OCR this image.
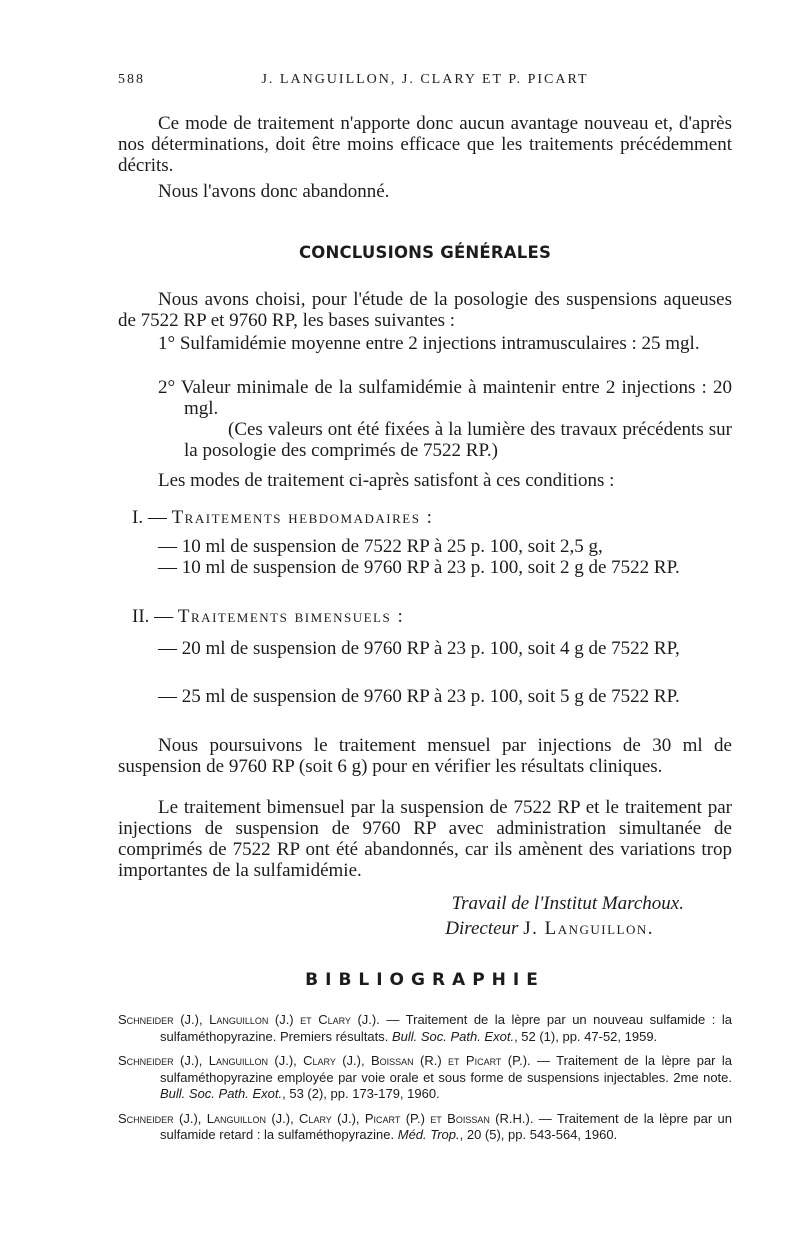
588	J. LANGUILLON, J. CLARY ET P. PICART
Ce mode de traitement n'apporte donc aucun avantage nouveau et, d'après nos déterminations, doit être moins efficace que les traitements précédemment décrits.
Nous l'avons donc abandonné.
CONCLUSIONS GÉNÉRALES
Nous avons choisi, pour l'étude de la posologie des suspensions aqueuses de 7522 RP et 9760 RP, les bases suivantes :
1° Sulfamidémie moyenne entre 2 injections intramusculaires : 25 mgl.
2° Valeur minimale de la sulfamidémie à maintenir entre 2 injections : 20 mgl.
(Ces valeurs ont été fixées à la lumière des travaux précédents sur la posologie des comprimés de 7522 RP.)
Les modes de traitement ci-après satisfont à ces conditions :
I. — Traitements hebdomadaires :
— 10 ml de suspension de 7522 RP à 25 p. 100, soit 2,5 g,
— 10 ml de suspension de 9760 RP à 23 p. 100, soit 2 g de 7522 RP.
II. — Traitements bimensuels :
— 20 ml de suspension de 9760 RP à 23 p. 100, soit 4 g de 7522 RP,
— 25 ml de suspension de 9760 RP à 23 p. 100, soit 5 g de 7522 RP.
Nous poursuivons le traitement mensuel par injections de 30 ml de suspension de 9760 RP (soit 6 g) pour en vérifier les résultats cliniques.
Le traitement bimensuel par la suspension de 7522 RP et le traitement par injections de suspension de 9760 RP avec administration simultanée de comprimés de 7522 RP ont été abandonnés, car ils amènent des variations trop importantes de la sulfamidémie.
Travail de l'Institut Marchoux.
Directeur J. Languillon.
BIBLIOGRAPHIE
Schneider (J.), Languillon (J.) et Clary (J.). — Traitement de la lèpre par un nouveau sulfamide : la sulfaméthopyrazine. Premiers résultats. Bull. Soc. Path. Exot., 52 (1), pp. 47-52, 1959.
Schneider (J.), Languillon (J.), Clary (J.), Boissan (R.) et Picart (P.). — Traitement de la lèpre par la sulfaméthopyrazine employée par voie orale et sous forme de suspensions injectables. 2me note. Bull. Soc. Path. Exot., 53 (2), pp. 173-179, 1960.
Schneider (J.), Languillon (J.), Clary (J.), Picart (P.) et Boissan (R.H.). — Traitement de la lèpre par un sulfamide retard : la sulfaméthopyrazine. Méd. Trop., 20 (5), pp. 543-564, 1960.
